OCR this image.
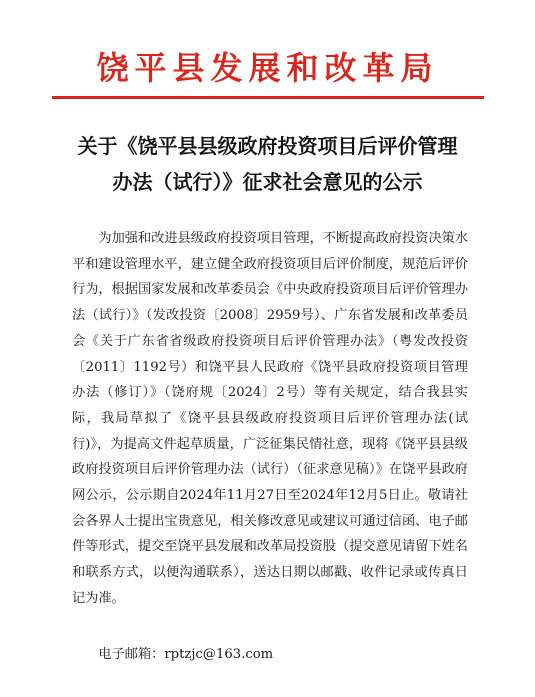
饶平县发展和改革局
关于《饶平县县级政府投资项目后评价管理
办法（试行）》征求社会意见的公示
为加强和改进县级政府投资项目管理，不断提高政府投资决策水平和建设管理水平，建立健全政府投资项目后评价制度，规范后评价行为，根据国家发展和改革委员会《中央政府投资项目后评价管理办法（试行）》（发改投资〔2008〕2959号）、广东省发展和改革委员会《关于广东省省级政府投资项目后评价管理办法》（粤发改投资〔2011〕1192号）和饶平县人民政府《饶平县政府投资项目管理办法（修订）》（饶府规〔2024〕2号）等有关规定，结合我县实际，我局草拟了《饶平县县级政府投资项目后评价管理办法(试行)》，为提高文件起草质量，广泛征集民情社意，现将《饶平县县级政府投资项目后评价管理办法（试行）（征求意见稿）》在饶平县政府网公示，公示期自2024年11月27日至2024年12月5日止。敬请社会各界人士提出宝贵意见，相关修改意见或建议可通过信函、电子邮件等形式，提交至饶平县发展和改革局投资股（提交意见请留下姓名和联系方式，以便沟通联系），送达日期以邮戳、收件记录或传真日记为准。
电子邮箱：rptzjc@163.com
